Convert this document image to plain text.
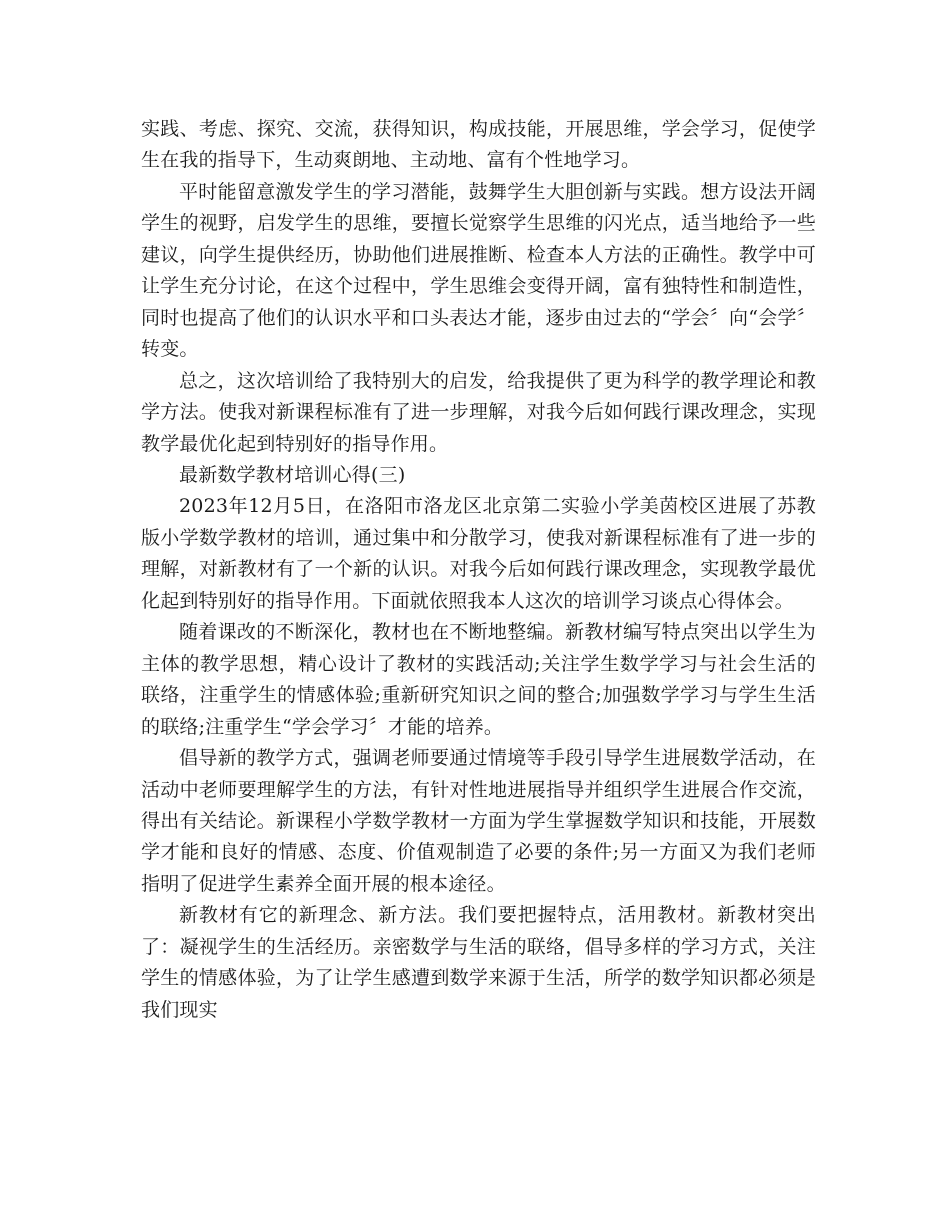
实践、考虑、探究、交流，获得知识，构成技能，开展思维，学会学习，促使学生在我的指导下，生动爽朗地、主动地、富有个性地学习。

平时能留意激发学生的学习潜能，鼓舞学生大胆创新与实践。想方设法开阔学生的视野，启发学生的思维，要擅长觉察学生思维的闪光点，适当地给予一些建议，向学生提供经历，协助他们进展推断、检查本人方法的正确性。教学中可让学生充分讨论，在这个过程中，学生思维会变得开阔，富有独特性和制造性，同时也提高了他们的认识水平和口头表达才能，逐步由过去的“学会〞向“会学〞转变。

总之，这次培训给了我特别大的启发，给我提供了更为科学的教学理论和教学方法。使我对新课程标准有了进一步理解，对我今后如何践行课改理念，实现教学最优化起到特别好的指导作用。

最新数学教材培训心得(三)

2023年12月5日，在洛阳市洛龙区北京第二实验小学美茵校区进展了苏教版小学数学教材的培训，通过集中和分散学习，使我对新课程标准有了进一步的理解，对新教材有了一个新的认识。对我今后如何践行课改理念，实现教学最优化起到特别好的指导作用。下面就依照我本人这次的培训学习谈点心得体会。

随着课改的不断深化，教材也在不断地整编。新教材编写特点突出以学生为主体的教学思想，精心设计了教材的实践活动;关注学生数学学习与社会生活的联络，注重学生的情感体验;重新研究知识之间的整合;加强数学学习与学生生活的联络;注重学生“学会学习〞才能的培养。

倡导新的教学方式，强调老师要通过情境等手段引导学生进展数学活动，在活动中老师要理解学生的方法，有针对性地进展指导并组织学生进展合作交流，得出有关结论。新课程小学数学教材一方面为学生掌握数学知识和技能，开展数学才能和良好的情感、态度、价值观制造了必要的条件;另一方面又为我们老师指明了促进学生素养全面开展的根本途径。

新教材有它的新理念、新方法。我们要把握特点，活用教材。新教材突出了：凝视学生的生活经历。亲密数学与生活的联络，倡导多样的学习方式，关注学生的情感体验，为了让学生感遭到数学来源于生活，所学的数学知识都必须是我们现实
